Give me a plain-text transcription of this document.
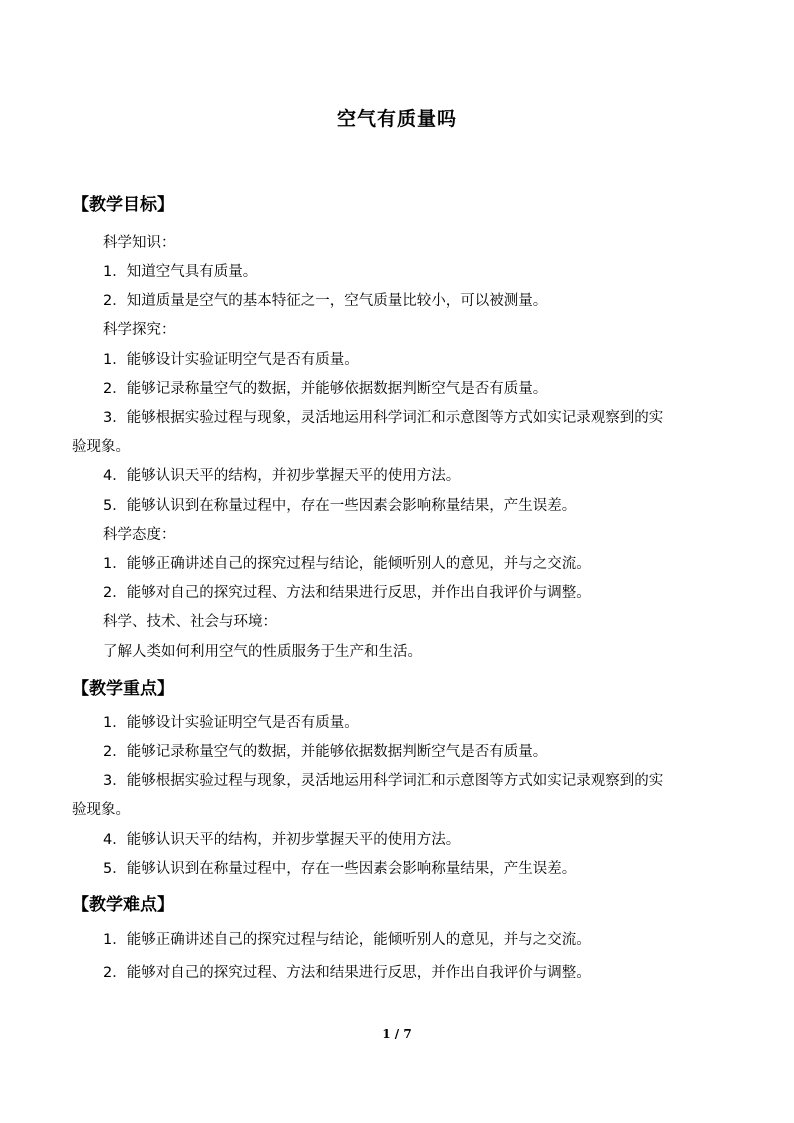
空气有质量吗
【教学目标】
科学知识：
1．知道空气具有质量。
2．知道质量是空气的基本特征之一，空气质量比较小，可以被测量。
科学探究：
1．能够设计实验证明空气是否有质量。
2．能够记录称量空气的数据，并能够依据数据判断空气是否有质量。
3．能够根据实验过程与现象，灵活地运用科学词汇和示意图等方式如实记录观察到的实
验现象。
4．能够认识天平的结构，并初步掌握天平的使用方法。
5．能够认识到在称量过程中，存在一些因素会影响称量结果，产生误差。
科学态度：
1．能够正确讲述自己的探究过程与结论，能倾听别人的意见，并与之交流。
2．能够对自己的探究过程、方法和结果进行反思，并作出自我评价与调整。
科学、技术、社会与环境：
了解人类如何利用空气的性质服务于生产和生活。
【教学重点】
1．能够设计实验证明空气是否有质量。
2．能够记录称量空气的数据，并能够依据数据判断空气是否有质量。
3．能够根据实验过程与现象，灵活地运用科学词汇和示意图等方式如实记录观察到的实
验现象。
4．能够认识天平的结构，并初步掌握天平的使用方法。
5．能够认识到在称量过程中，存在一些因素会影响称量结果，产生误差。
【教学难点】
1．能够正确讲述自己的探究过程与结论，能倾听别人的意见，并与之交流。
2．能够对自己的探究过程、方法和结果进行反思，并作出自我评价与调整。
1 / 7
